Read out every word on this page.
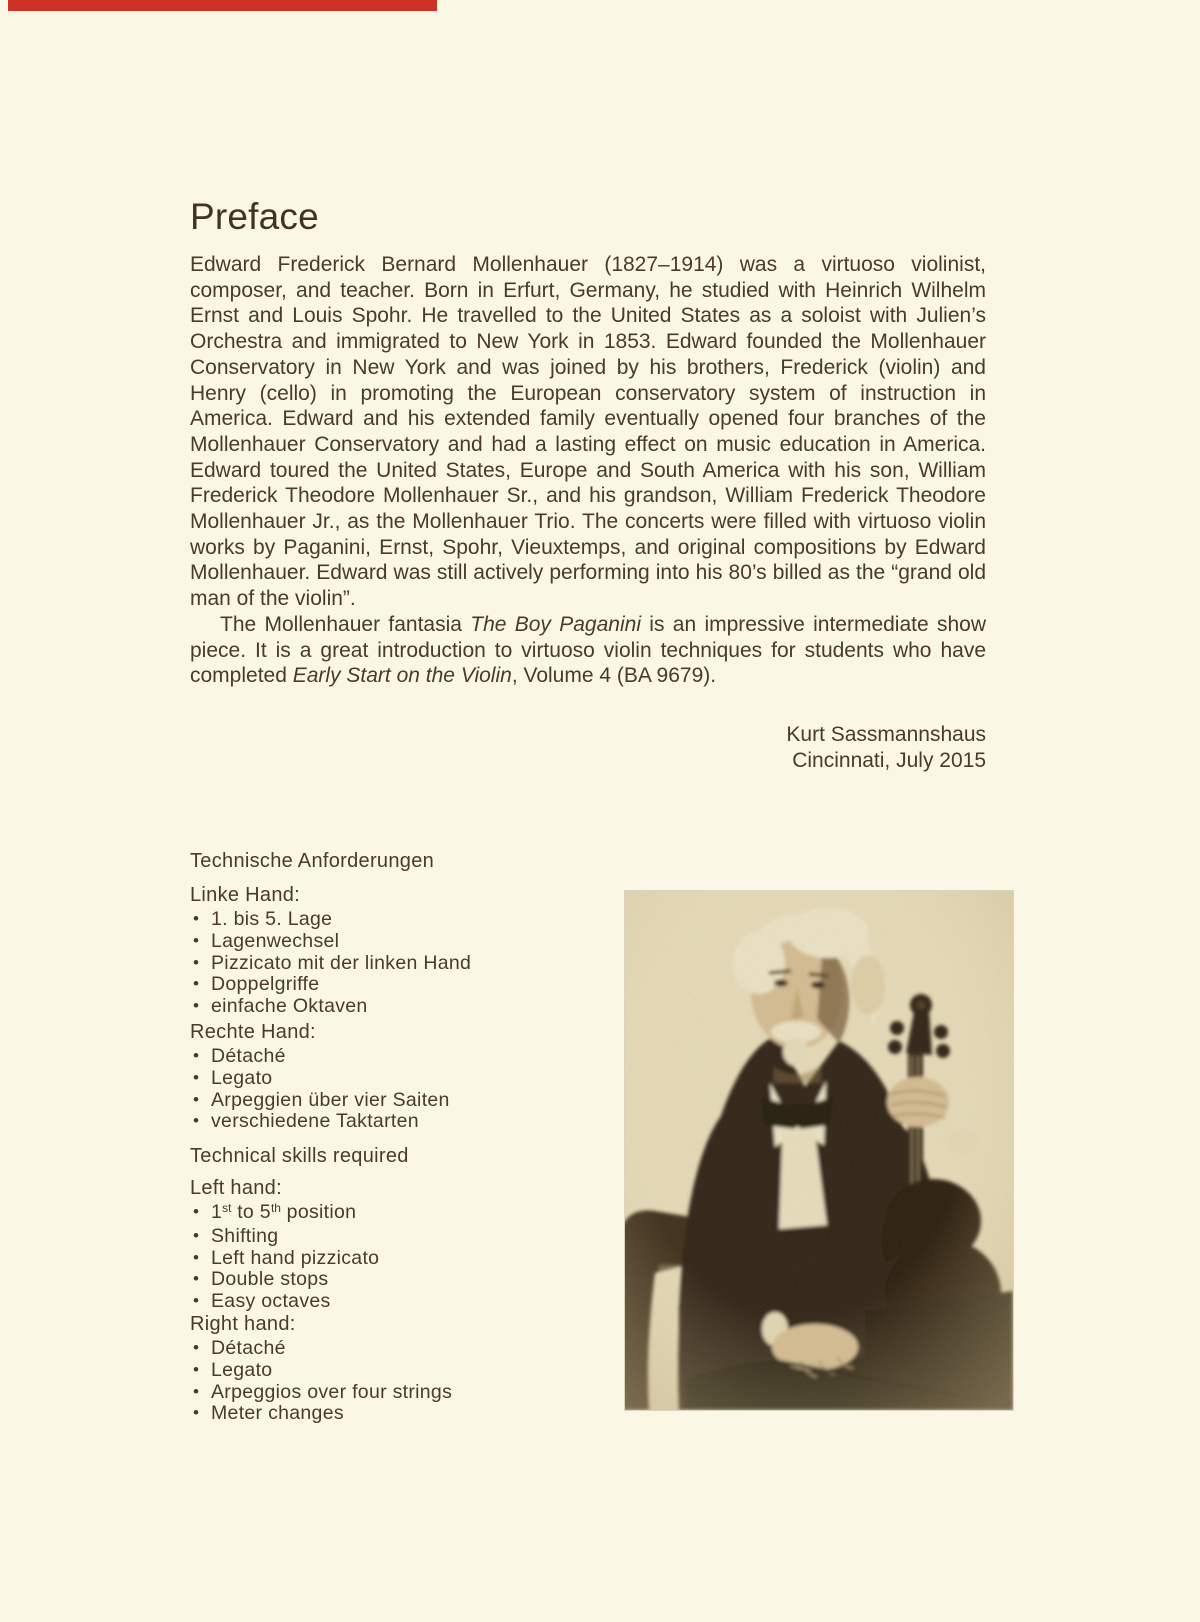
Preface

Edward Frederick Bernard Mollenhauer (1827–1914) was a virtuoso violinist, composer, and teacher. Born in Erfurt, Germany, he studied with Heinrich Wilhelm Ernst and Louis Spohr. He travelled to the United States as a soloist with Julien’s Orchestra and immigrated to New York in 1853. Edward founded the Mollenhauer Conservatory in New York and was joined by his brothers, Frederick (violin) and Henry (cello) in promoting the European conservatory system of instruction in America. Edward and his extended family eventually opened four branches of the Mollenhauer Conservatory and had a lasting effect on music education in America. Edward toured the United States, Europe and South America with his son, William Frederick Theodore Mollenhauer Sr., and his grandson, William Frederick Theodore Mollenhauer Jr., as the Mollenhauer Trio. The concerts were filled with virtuoso violin works by Paganini, Ernst, Spohr, Vieuxtemps, and original compositions by Edward Mollenhauer. Edward was still actively performing into his 80’s billed as the “grand old man of the violin”.

The Mollenhauer fantasia The Boy Paganini is an impressive intermediate show piece. It is a great introduction to virtuoso violin techniques for students who have completed Early Start on the Violin, Volume 4 (BA 9679).

Kurt Sassmannshaus
Cincinnati, July 2015
Technische Anforderungen

Linke Hand:

• 1. bis 5. Lage
• Lagenwechsel
• Pizzicato mit der linken Hand
• Doppelgriffe
• einfache Oktaven

Rechte Hand:

• Détaché
• Legato
• Arpeggien über vier Saiten
• verschiedene Taktarten
Technical skills required

Left hand:

• 1st to 5th position
• Shifting
• Left hand pizzicato
• Double stops
• Easy octaves

Right hand:

• Détaché
• Legato
• Arpeggios over four strings
• Meter changes
